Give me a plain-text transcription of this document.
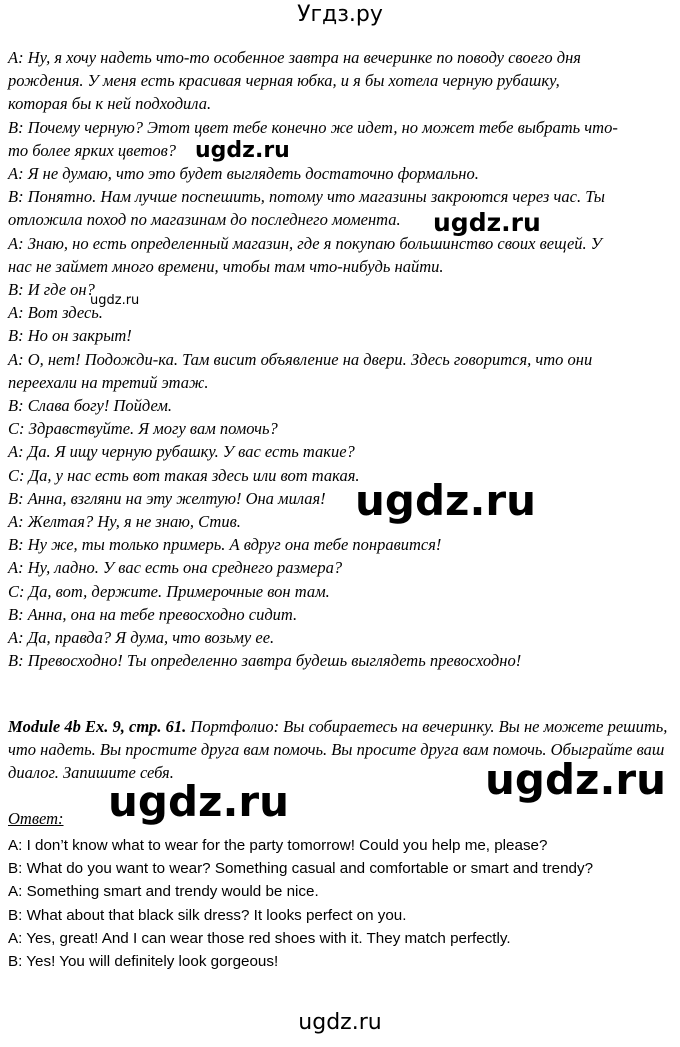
Угдз.ру
A: Ну, я хочу надеть что-то особенное завтра на вечеринке по поводу своего дня
рождения. У меня есть красивая черная юбка, и я бы хотела черную рубашку,
которая бы к ней подходила.
B: Почему черную? Этот цвет тебе конечно же идет, но может тебе выбрать что-
то более ярких цветов?
A: Я не думаю, что это будет выглядеть достаточно формально.
B: Понятно. Нам лучше поспешить, потому что магазины закроются через час. Ты
отложила поход по магазинам до последнего момента.
A: Знаю, но есть определенный магазин, где я покупаю большинство своих вещей. У
нас не займет много времени, чтобы там что-нибудь найти.
B: И где он?
A: Вот здесь.
B: Но он закрыт!
A: О, нет! Подожди-ка. Там висит объявление на двери. Здесь говорится, что они
переехали на третий этаж.
B: Слава богу! Пойдем.
C: Здравствуйте. Я могу вам помочь?
A: Да. Я ищу черную рубашку. У вас есть такие?
C: Да, у нас есть вот такая здесь или вот такая.
B: Анна, взгляни на эту желтую! Она милая!
A: Желтая? Ну, я не знаю, Стив.
B: Ну же, ты только примерь. А вдруг она тебе понравится!
A: Ну, ладно. У вас есть она среднего размера?
C: Да, вот, держите. Примерочные вон там.
B: Анна, она на тебе превосходно сидит.
A: Да, правда? Я дума, что возьму ее.
B: Превосходно! Ты определенно завтра будешь выглядеть превосходно!

Module 4b Ex. 9, стр. 61. Портфолио: Вы собираетесь на вечеринку. Вы не можете решить, что надеть. Вы простите друга вам помочь. Вы просите друга вам помочь. Обыграйте ваш диалог. Запишите себя.

Ответ:
A: I don’t know what to wear for the party tomorrow! Could you help me, please?
B: What do you want to wear? Something casual and comfortable or smart and trendy?
A: Something smart and trendy would be nice.
B: What about that black silk dress? It looks perfect on you.
A: Yes, great! And I can wear those red shoes with it. They match perfectly.
B: Yes! You will definitely look gorgeous!
ugdz.ru
ugdz.ru
ugdz.ru
ugdz.ru
ugdz.ru
ugdz.ru
ugdz.ru
